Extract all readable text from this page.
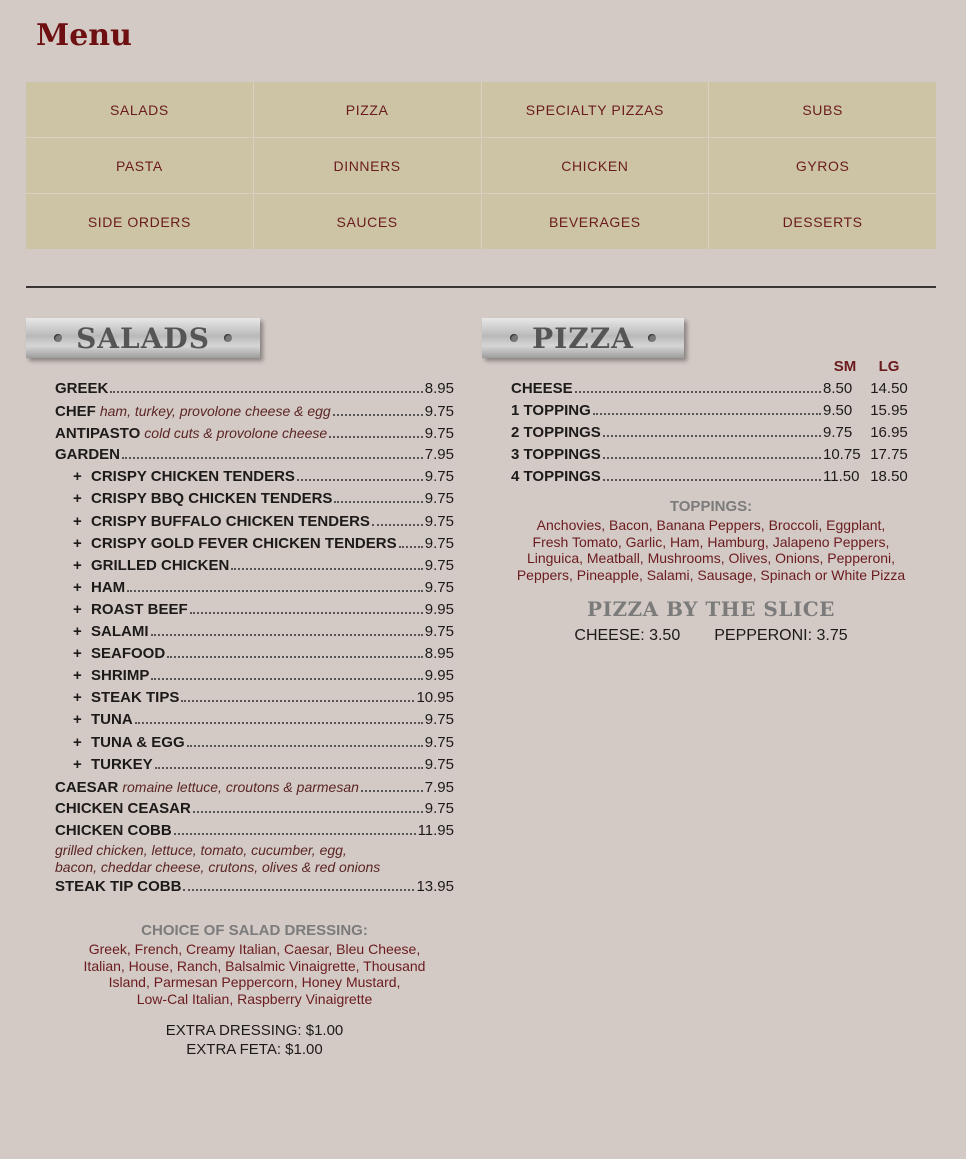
Menu
SALADS	PIZZA	SPECIALTY PIZZAS	SUBS
PASTA	DINNERS	CHICKEN	GYROS
SIDE ORDERS	SAUCES	BEVERAGES	DESSERTS
SALADS
GREEK	8.95
CHEF ham, turkey, provolone cheese & egg	9.75
ANTIPASTO cold cuts & provolone cheese	9.75
GARDEN	7.95
+ CRISPY CHICKEN TENDERS	9.75
+ CRISPY BBQ CHICKEN TENDERS	9.75
+ CRISPY BUFFALO CHICKEN TENDERS	9.75
+ CRISPY GOLD FEVER CHICKEN TENDERS 9.75
+ GRILLED CHICKEN	9.75
+ HAM	9.75
+ ROAST BEEF	9.95
+ SALAMI	9.75
+ SEAFOOD	8.95
+ SHRIMP	9.95
+ STEAK TIPS	10.95
+ TUNA	9.75
+ TUNA & EGG	9.75
+ TURKEY	9.75
CAESAR romaine lettuce, croutons & parmesan	7.95
CHICKEN CEASAR	9.75
CHICKEN COBB	11.95
grilled chicken, lettuce, tomato, cucumber, egg,
bacon, cheddar cheese, crutons, olives & red onions
STEAK TIP COBB	13.95
CHOICE OF SALAD DRESSING:
Greek, French, Creamy Italian, Caesar, Bleu Cheese,
Italian, House, Ranch, Balsalmic Vinaigrette, Thousand
Island, Parmesan Peppercorn, Honey Mustard,
Low-Cal Italian, Raspberry Vinaigrette
EXTRA DRESSING: $1.00
EXTRA FETA: $1.00
PIZZA
SM	LG
CHEESE	8.50	14.50
1 TOPPING	9.50	15.95
2 TOPPINGS	9.75	16.95
3 TOPPINGS	10.75 17.75
4 TOPPINGS	11.50 18.50
TOPPINGS:
Anchovies, Bacon, Banana Peppers, Broccoli, Eggplant,
Fresh Tomato, Garlic, Ham, Hamburg, Jalapeno Peppers,
Linguica, Meatball, Mushrooms, Olives, Onions, Pepperoni,
Peppers, Pineapple, Salami, Sausage, Spinach or White Pizza
PIZZA BY THE SLICE
CHEESE: 3.50 PEPPERONI: 3.75
